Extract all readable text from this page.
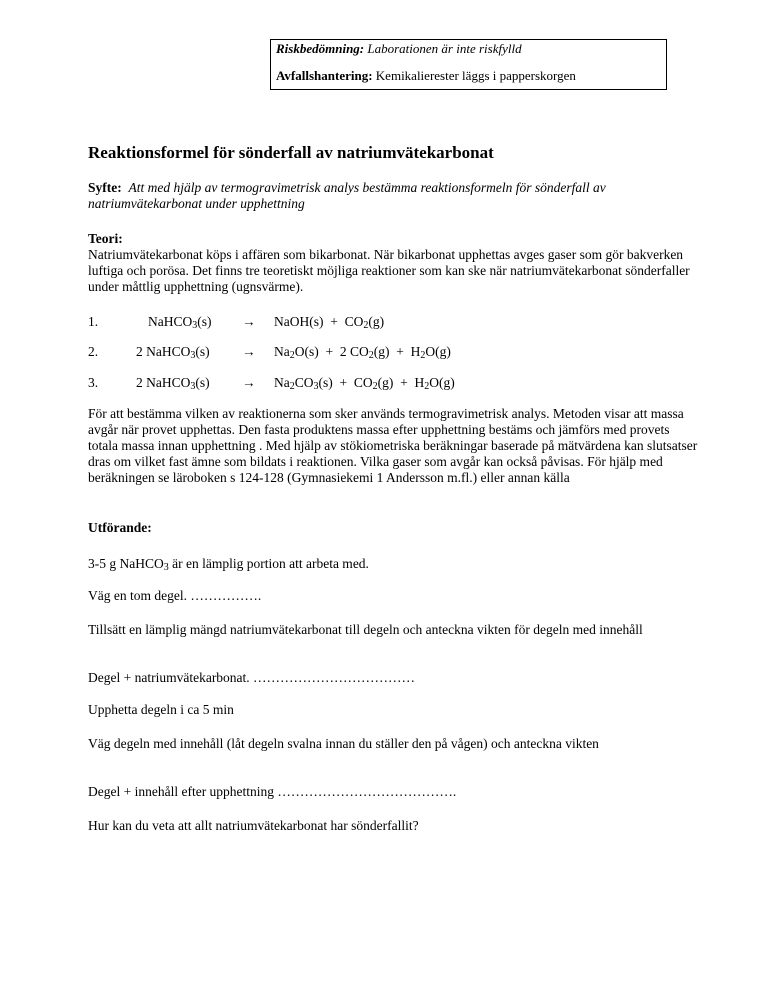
Riskbedömning: Laborationen är inte riskfylld

Avfallshantering: Kemikalierester läggs i papperskorgen

Reaktionsformel för sönderfall av natriumvätekarbonat

Syfte: Att med hjälp av termogravimetrisk analys bestämma reaktionsformeln för sönderfall av natriumvätekarbonat under upphettning

Teori:

Natriumvätekarbonat köps i affären som bikarbonat. När bikarbonat upphettas avges gaser som gör bakverken luftiga och porösa. Det finns tre teoretiskt möjliga reaktioner som kan ske när natriumvätekarbonat sönderfaller under måttlig upphettning (ugnsvärme).

1.	NaHCO$_3$(s) → NaOH(s)  +  $CO_2(g)$
2.	2 NaHCO$_3$(s) → $Na_2O(s) + 2$ $CO_2(g) + H_2O(g)$
3.	2 NaHCO$_3$(s) → $Na_2CO_3(s) + CO_2(g) + H_2O(g)$

För att bestämma vilken av reaktionerna som sker används termogravimetrisk analys. Metoden visar att massa avgår när provet upphettas. Den fasta produktens massa efter upphettning bestäms och jämförs med provets totala massa innan upphettning . Med hjälp av stökiometriska beräkningar baserade på mätvärdena kan slutsatser dras om vilket fast ämne som bildats i reaktionen. Vilka gaser som avgår kan också påvisas. För hjälp med beräkningen se läroboken s 124-128 (Gymnasiekemi 1 Andersson m.fl.) eller annan källa

Utförande:

3-5 g NaHCO$_3$ är en lämplig portion att arbeta med.

Väg en tom degel. …………….

Tillsätt en lämplig mängd natriumvätekarbonat till degeln och anteckna vikten för degeln med innehåll

Degel + natriumvätekarbonat. ………………………………

Upphetta degeln i ca 5 min

Väg degeln med innehåll (låt degeln svalna innan du ställer den på vågen) och anteckna vikten

Degel + innehåll efter upphettning ………………………………….

Hur kan du veta att allt natriumvätekarbonat har sönderfallit?
